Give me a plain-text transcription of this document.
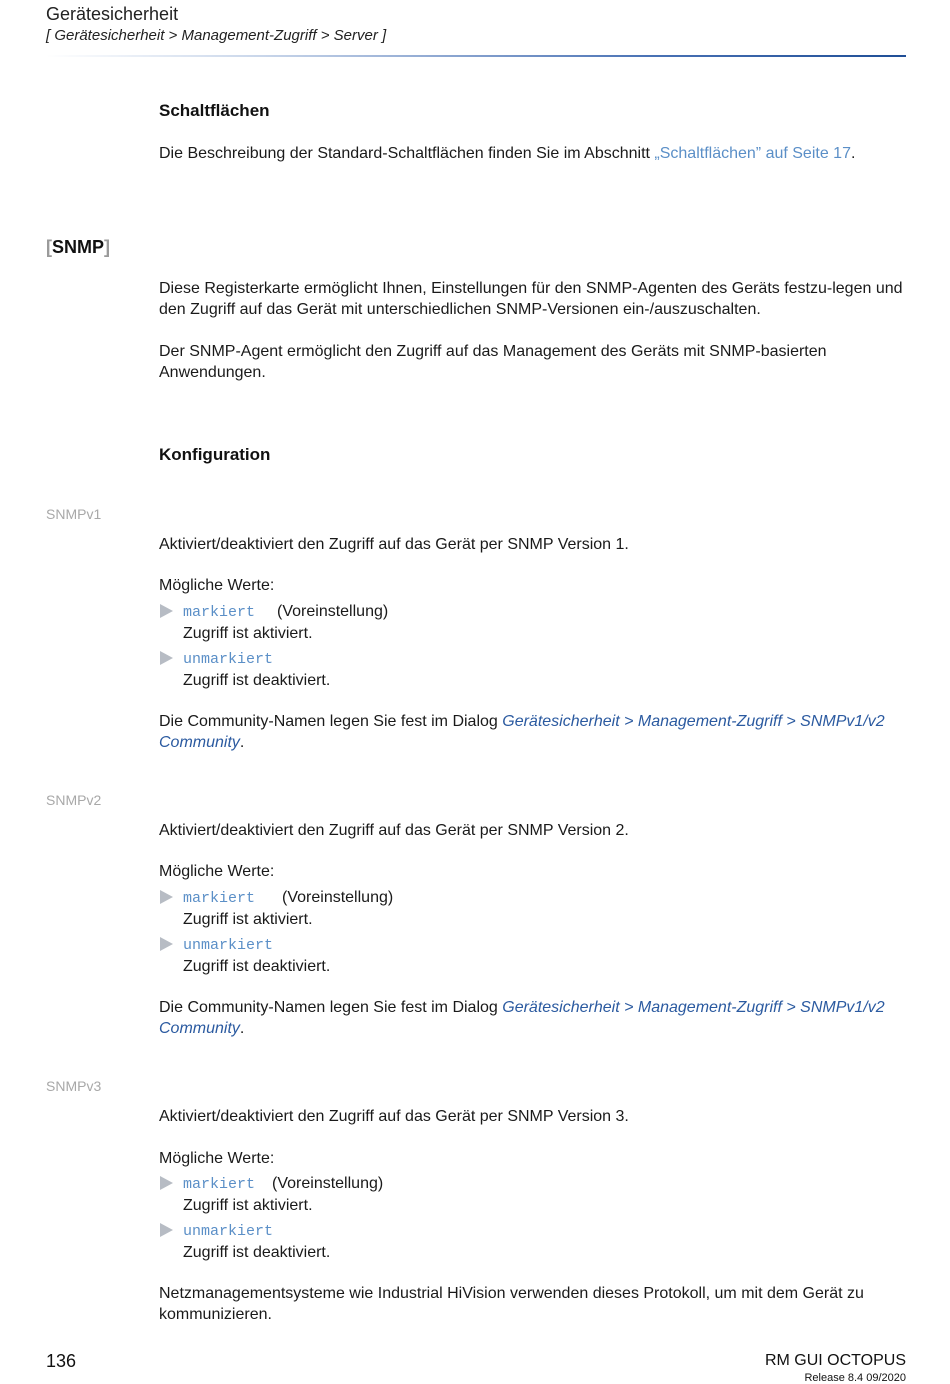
Gerätesicherheit
[ Gerätesicherheit > Management-Zugriff > Server ]
Schaltflächen
Die Beschreibung der Standard-Schaltflächen finden Sie im Abschnitt „Schaltflächen” auf Seite 17.
[SNMP]
Diese Registerkarte ermöglicht Ihnen, Einstellungen für den SNMP-Agenten des Geräts festzu-legen und den Zugriff auf das Gerät mit unterschiedlichen SNMP-Versionen ein-/auszuschalten.
Der SNMP-Agent ermöglicht den Zugriff auf das Management des Geräts mit SNMP-basierten Anwendungen.
Konfiguration
SNMPv1
Aktiviert/deaktiviert den Zugriff auf das Gerät per SNMP Version 1.
Mögliche Werte:
markiert (Voreinstellung)
Zugriff ist aktiviert.
unmarkiert
Zugriff ist deaktiviert.
Die Community-Namen legen Sie fest im Dialog Gerätesicherheit > Management-Zugriff > SNMPv1/v2 Community.
SNMPv2
Aktiviert/deaktiviert den Zugriff auf das Gerät per SNMP Version 2.
Mögliche Werte:
markiert (Voreinstellung)
Zugriff ist aktiviert.
unmarkiert
Zugriff ist deaktiviert.
Die Community-Namen legen Sie fest im Dialog Gerätesicherheit > Management-Zugriff > SNMPv1/v2 Community.
SNMPv3
Aktiviert/deaktiviert den Zugriff auf das Gerät per SNMP Version 3.
Mögliche Werte:
markiert (Voreinstellung)
Zugriff ist aktiviert.
unmarkiert
Zugriff ist deaktiviert.
Netzmanagementsysteme wie Industrial HiVision verwenden dieses Protokoll, um mit dem Gerät zu kommunizieren.
136	RM GUI OCTOPUS
Release 8.4 09/2020
